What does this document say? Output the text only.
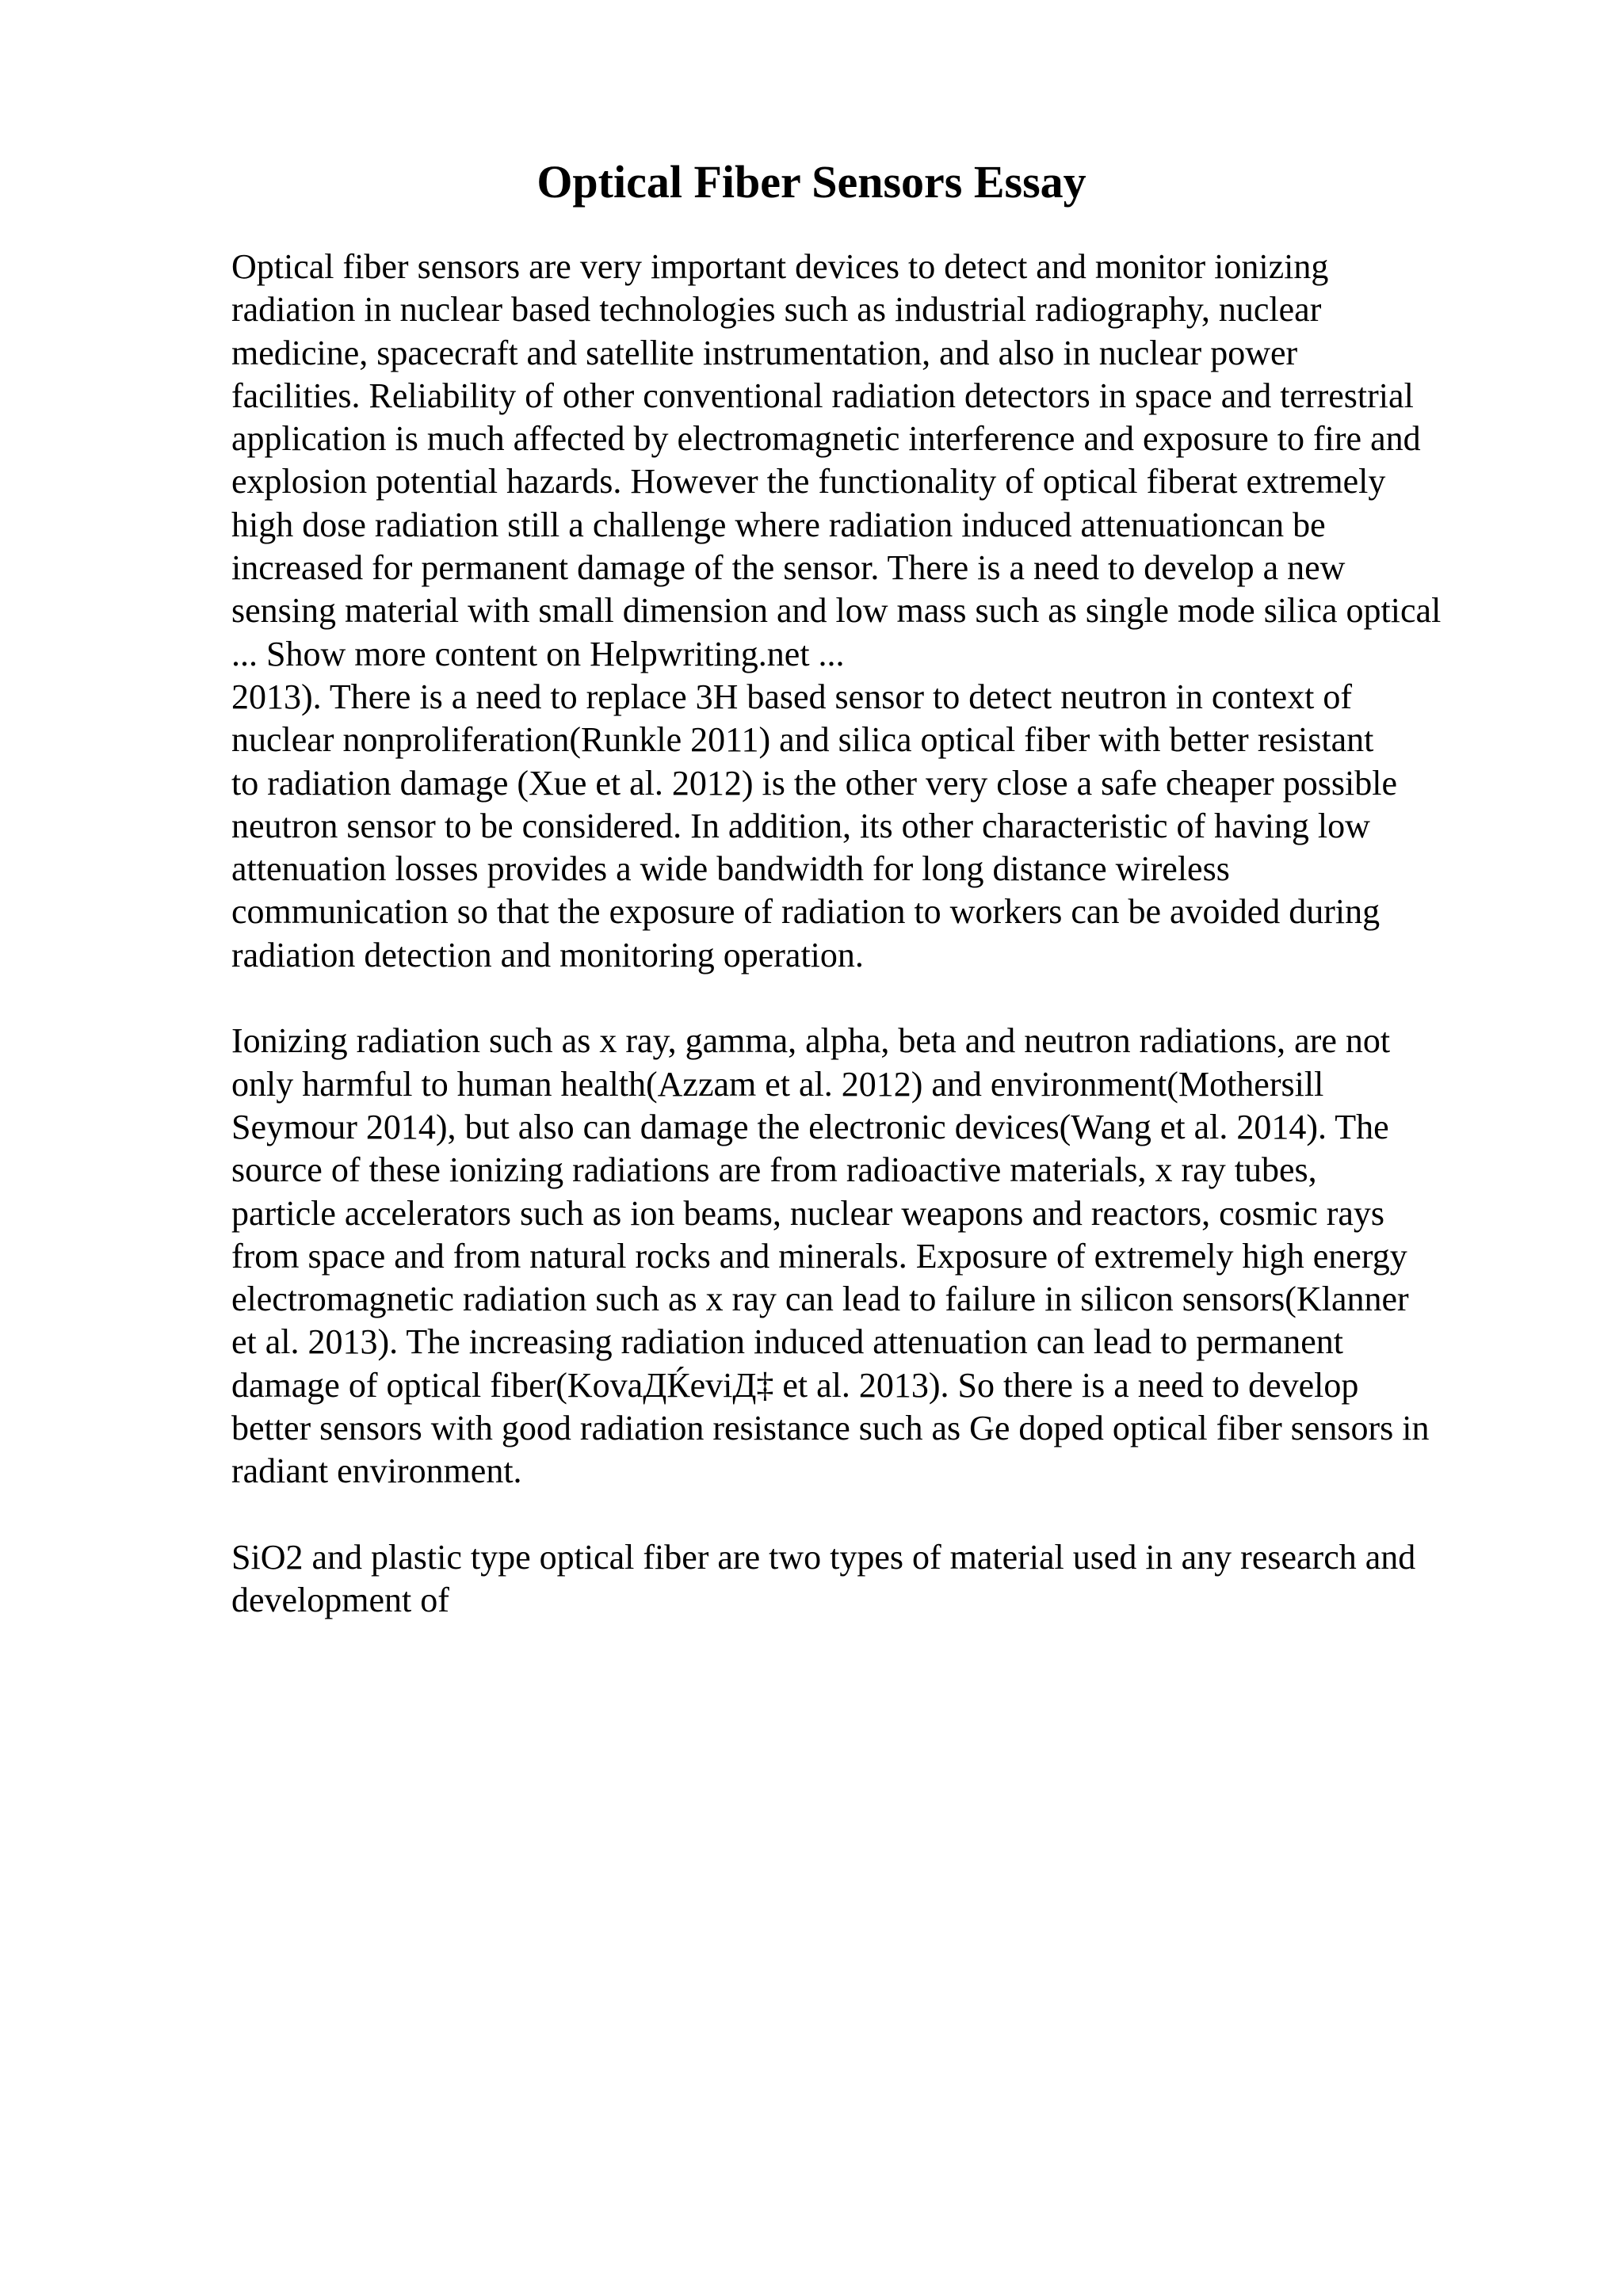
Optical Fiber Sensors Essay
Optical fiber sensors are very important devices to detect and monitor ionizing
radiation in nuclear based technologies such as industrial radiography, nuclear
medicine, spacecraft and satellite instrumentation, and also in nuclear power
facilities. Reliability of other conventional radiation detectors in space and terrestrial
application is much affected by electromagnetic interference and exposure to fire and
explosion potential hazards. However the functionality of optical fiberat extremely
high dose radiation still a challenge where radiation induced attenuationcan be
increased for permanent damage of the sensor. There is a need to develop a new
sensing material with small dimension and low mass such as single mode silica optical
... Show more content on Helpwriting.net ...
2013). There is a need to replace 3H based sensor to detect neutron in context of
nuclear nonproliferation(Runkle 2011) and silica optical fiber with better resistant
to radiation damage (Xue et al. 2012) is the other very close a safe cheaper possible
neutron sensor to be considered. In addition, its other characteristic of having low
attenuation losses provides a wide bandwidth for long distance wireless
communication so that the exposure of radiation to workers can be avoided during
radiation detection and monitoring operation.
Ionizing radiation such as x ray, gamma, alpha, beta and neutron radiations, are not
only harmful to human health(Azzam et al. 2012) and environment(Mothersill
Seymour 2014), but also can damage the electronic devices(Wang et al. 2014). The
source of these ionizing radiations are from radioactive materials, x ray tubes,
particle accelerators such as ion beams, nuclear weapons and reactors, cosmic rays
from space and from natural rocks and minerals. Exposure of extremely high energy
electromagnetic radiation such as x ray can lead to failure in silicon sensors(Klanner
et al. 2013). The increasing radiation induced attenuation can lead to permanent
damage of optical fiber(KovaДЌeviД‡ et al. 2013). So there is a need to develop
better sensors with good radiation resistance such as Ge doped optical fiber sensors in
radiant environment.
SiO2 and plastic type optical fiber are two types of material used in any research and
development of
